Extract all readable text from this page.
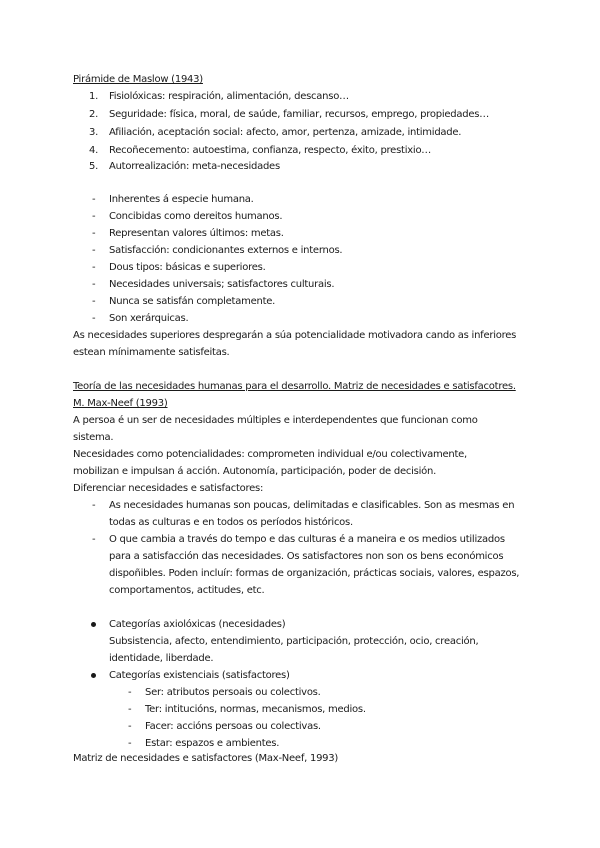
Pirámide de Maslow (1943)
1. Fisiolóxicas: respiración, alimentación, descanso…
2. Seguridade: física, moral, de saúde, familiar, recursos, emprego, propiedades…
3. Afiliación, aceptación social: afecto, amor, pertenza, amizade, intimidade.
4. Recoñecemento: autoestima, confianza, respecto, éxito, prestixio…
5. Autorrealización: meta-necesidades
- Inherentes á especie humana.
- Concibidas como dereitos humanos.
- Representan valores últimos: metas.
- Satisfacción: condicionantes externos e internos.
- Dous tipos: básicas e superiores.
- Necesidades universais; satisfactores culturais.
- Nunca se satisfán completamente.
- Son xerárquicas.
As necesidades superiores despregarán a súa potencialidade motivadora cando as inferiores
estean mínimamente satisfeitas.
Teoría de las necesidades humanas para el desarrollo. Matriz de necesidades e satisfacotres.
M. Max-Neef (1993)
A persoa é un ser de necesidades múltiples e interdependentes que funcionan como
sistema.
Necesidades como potencialidades: comprometen individual e/ou colectivamente,
mobilizan e impulsan á acción. Autonomía, participación, poder de decisión.
Diferenciar necesidades e satisfactores:
- As necesidades humanas son poucas, delimitadas e clasificables. Son as mesmas en
todas as culturas e en todos os períodos históricos.
- O que cambia a través do tempo e das culturas é a maneira e os medios utilizados
para a satisfacción das necesidades. Os satisfactores non son os bens económicos
dispoñibles. Poden incluír: formas de organización, prácticas sociais, valores, espazos,
comportamentos, actitudes, etc.
Categorías axiolóxicas (necesidades)
Subsistencia, afecto, entendimiento, participación, protección, ocio, creación,
identidade, liberdade.
Categorías existenciais (satisfactores)
- Ser: atributos persoais ou colectivos.
- Ter: intitucións, normas, mecanismos, medios.
- Facer: accións persoas ou colectivas.
- Estar: espazos e ambientes.
Matriz de necesidades e satisfactores (Max-Neef, 1993)
